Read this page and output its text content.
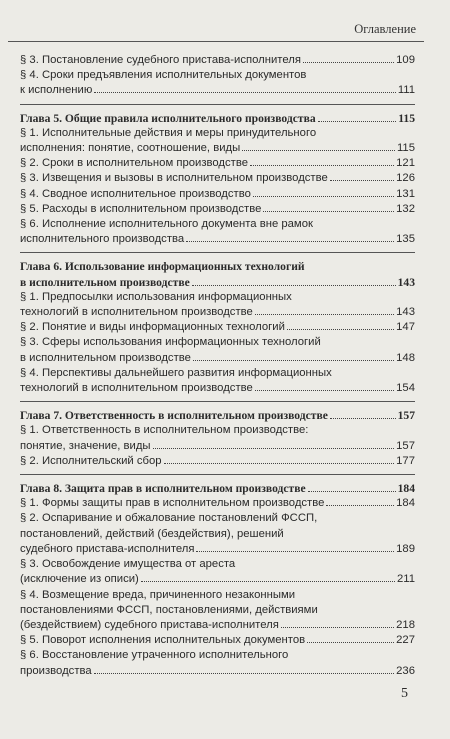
Оглавление
§ 3. Постановление судебного пристава-исполнителя	109
§ 4. Сроки предъявления исполнительных документов
к исполнению	111
Глава 5. Общие правила исполнительного производства	115
§ 1. Исполнительные действия и меры принудительного
исполнения: понятие, соотношение, виды	115
§ 2. Сроки в исполнительном производстве	121
§ 3. Извещения и вызовы в исполнительном производстве	126
§ 4. Сводное исполнительное производство	131
§ 5. Расходы в исполнительном производстве	132
§ 6. Исполнение исполнительного документа вне рамок
исполнительного производства	135
Глава 6. Использование информационных технологий
в исполнительном производстве	143
§ 1. Предпосылки использования информационных
технологий в исполнительном производстве	143
§ 2. Понятие и виды информационных технологий	147
§ 3. Сферы использования информационных технологий
в исполнительном производстве	148
§ 4. Перспективы дальнейшего развития информационных
технологий в исполнительном производстве	154
Глава 7. Ответственность в исполнительном производстве	157
§ 1. Ответственность в исполнительном производстве:
понятие, значение, виды	157
§ 2. Исполнительский сбор	177
Глава 8. Защита прав в исполнительном производстве	184
§ 1. Формы защиты прав в исполнительном производстве	184
§ 2. Оспаривание и обжалование постановлений ФССП,
постановлений, действий (бездействия), решений
судебного пристава-исполнителя	189
§ 3. Освобождение имущества от ареста
(исключение из описи)	211
§ 4. Возмещение вреда, причиненного незаконными
постановлениями ФССП, постановлениями, действиями
(бездействием) судебного пристава-исполнителя	218
§ 5. Поворот исполнения исполнительных документов	227
§ 6. Восстановление утраченного исполнительного
производства	236
5
